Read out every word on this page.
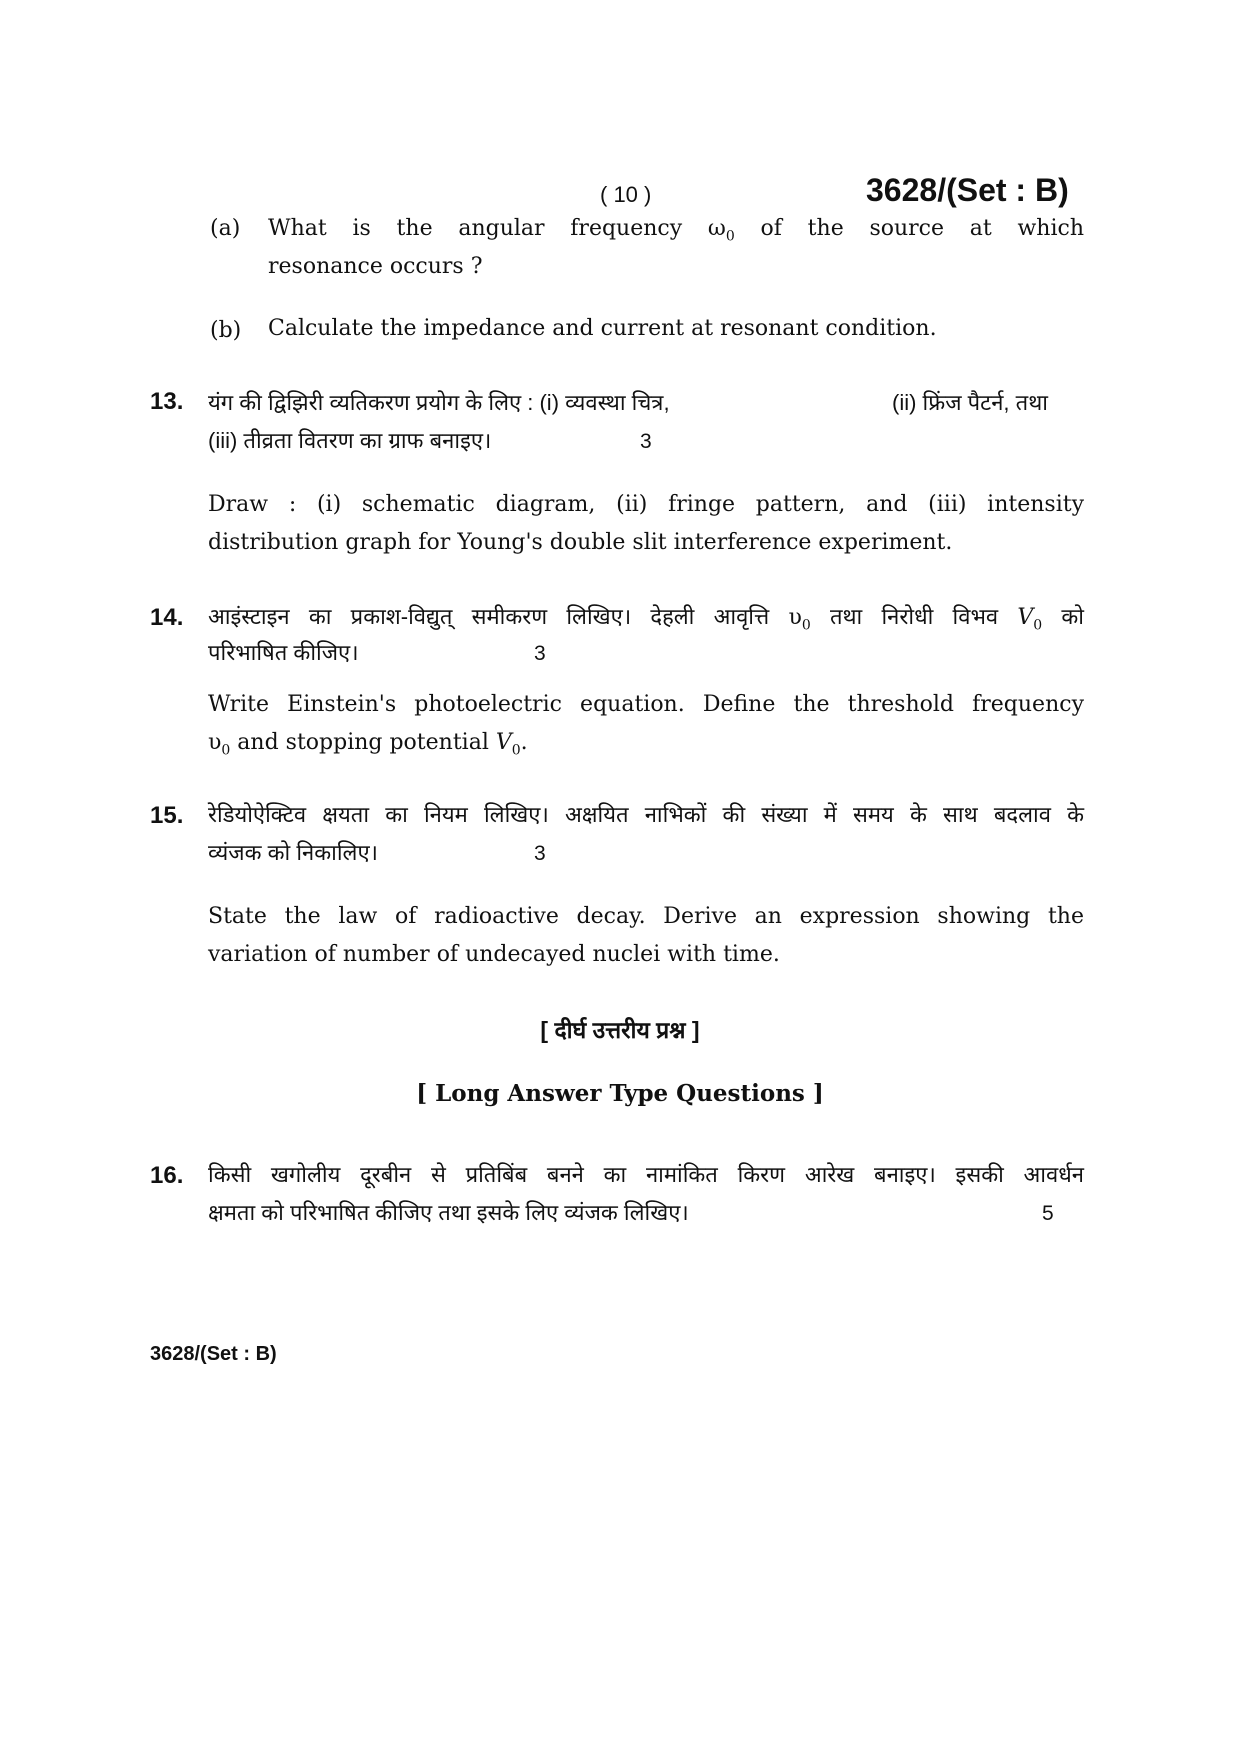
( 10 )	3628/(Set : B)
(a) What is the angular frequency $\omega_0$ of the source at which
resonance occurs ?
(b) Calculate the impedance and current at resonant condition.
13. यंग की द्विझिरी व्यतिकरण प्रयोग के लिए : (i) व्यवस्था चित्र,	(ii) फ्रिंज पैटर्न, तथा
(iii) तीव्रता वितरण का ग्राफ बनाइए।	3
Draw : (i) schematic diagram, (ii) fringe pattern, and (iii) intensity
distribution graph for Young's double slit interference experiment.
14. आइंस्टाइन का प्रकाश-विद्युत् समीकरण लिखिए। देहली आवृत्ति $\upsilon_0$ तथा निरोधी विभव $V_0$ को
परिभाषित कीजिए।	3
Write Einstein's photoelectric equation. Define the threshold frequency
$\upsilon_0$ and stopping potential $V_0$.
15. रेडियोऐक्टिव क्षयता का नियम लिखिए। अक्षयित नाभिकों की संख्या में समय के साथ बदलाव के
व्यंजक को निकालिए।	3
State the law of radioactive decay. Derive an expression showing the
variation of number of undecayed nuclei with time.
[ दीर्घ उत्तरीय प्रश्न ]
[ Long Answer Type Questions ]
16. किसी खगोलीय दूरबीन से प्रतिबिंब बनने का नामांकित किरण आरेख बनाइए। इसकी आवर्धन
क्षमता को परिभाषित कीजिए तथा इसके लिए व्यंजक लिखिए।	5
3628/(Set : B)
